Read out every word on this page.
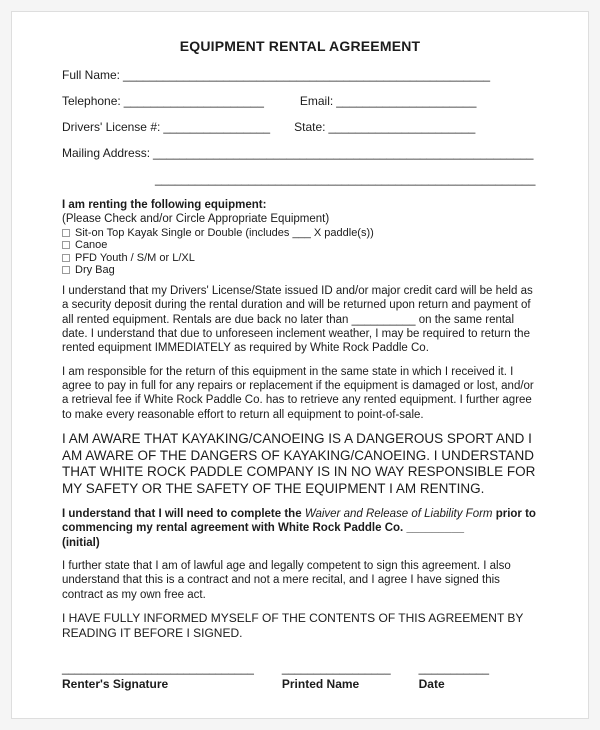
EQUIPMENT RENTAL AGREEMENT
Full Name: _______________________________________________________
Telephone: _____________________	Email: _____________________
Drivers' License #: ________________ State: ______________________
Mailing Address: _________________________________________________________
_________________________________________________________
I am renting the following equipment:
(Please Check and/or Circle Appropriate Equipment)
Sit-on Top Kayak Single or Double (includes ___ X paddle(s))
Canoe
PFD Youth / S/M or L/XL
Dry Bag

I understand that my Drivers' License/State issued ID and/or major credit card will be held as a security deposit during the rental duration and will be returned upon return and payment of all rented equipment. Rentals are due back no later than __________ on the same rental date. I understand that due to unforeseen inclement weather, I may be required to return the rented equipment IMMEDIATELY as required by White Rock Paddle Co.

I am responsible for the return of this equipment in the same state in which I received it. I agree to pay in full for any repairs or replacement if the equipment is damaged or lost, and/or a retrieval fee if White Rock Paddle Co. has to retrieve any rented equipment. I further agree to make every reasonable effort to return all equipment to point-of-sale.

I AM AWARE THAT KAYAKING/CANOEING IS A DANGEROUS SPORT AND I AM AWARE OF THE DANGERS OF KAYAKING/CANOEING. I UNDERSTAND THAT WHITE ROCK PADDLE COMPANY IS IN NO WAY RESPONSIBLE FOR MY SAFETY OR THE SAFETY OF THE EQUIPMENT I AM RENTING.

I understand that I will need to complete the Waiver and Release of Liability Form prior to commencing my rental agreement with White Rock Paddle Co. _________
(initial)

I further state that I am of lawful age and legally competent to sign this agreement. I also understand that this is a contract and not a mere recital, and I agree I have signed this contract as my own free act.

I HAVE FULLY INFORMED MYSELF OF THE CONTENTS OF THIS AGREEMENT BY READING IT BEFORE I SIGNED.

______________________________
Renter's Signature
_________________
Printed Name
___________
Date
